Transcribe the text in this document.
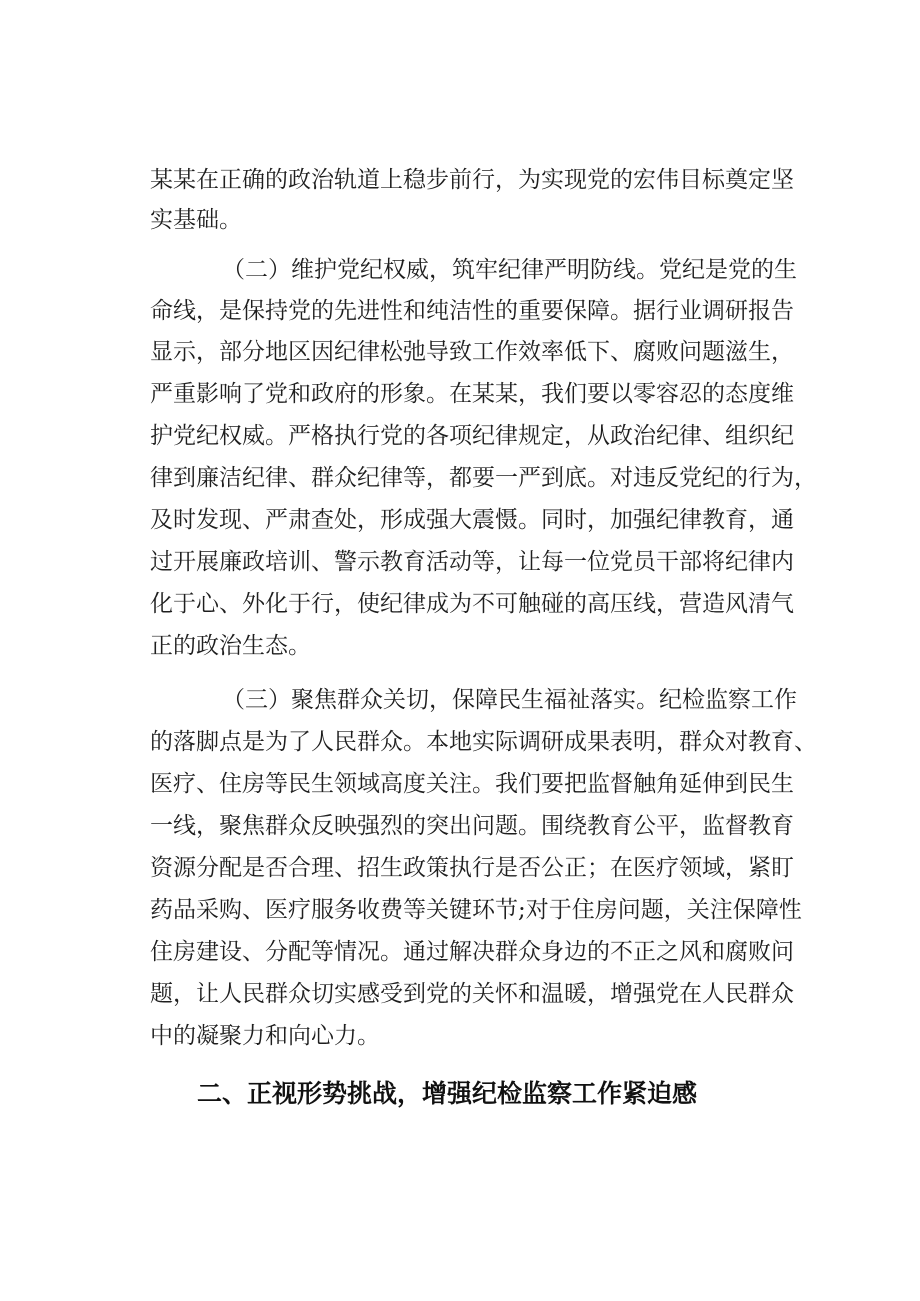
某某在正确的政治轨道上稳步前行，为实现党的宏伟目标奠定坚

实基础。

（二）维护党纪权威，筑牢纪律严明防线。党纪是党的生

命线，是保持党的先进性和纯洁性的重要保障。据行业调研报告

显示，部分地区因纪律松弛导致工作效率低下、腐败问题滋生，

严重影响了党和政府的形象。在某某，我们要以零容忍的态度维

护党纪权威。严格执行党的各项纪律规定，从政治纪律、组织纪

律到廉洁纪律、群众纪律等，都要一严到底。对违反党纪的行为，

及时发现、严肃查处，形成强大震慑。同时，加强纪律教育，通

过开展廉政培训、警示教育活动等，让每一位党员干部将纪律内

化于心、外化于行，使纪律成为不可触碰的高压线，营造风清气

正的政治生态。

（三）聚焦群众关切，保障民生福祉落实。纪检监察工作

的落脚点是为了人民群众。本地实际调研成果表明，群众对教育、

医疗、住房等民生领域高度关注。我们要把监督触角延伸到民生

一线，聚焦群众反映强烈的突出问题。围绕教育公平，监督教育

资源分配是否合理、招生政策执行是否公正；在医疗领域，紧盯

药品采购、医疗服务收费等关键环节;对于住房问题，关注保障性

住房建设、分配等情况。通过解决群众身边的不正之风和腐败问

题，让人民群众切实感受到党的关怀和温暖，增强党在人民群众

中的凝聚力和向心力。

二、正视形势挑战，增强纪检监察工作紧迫感
